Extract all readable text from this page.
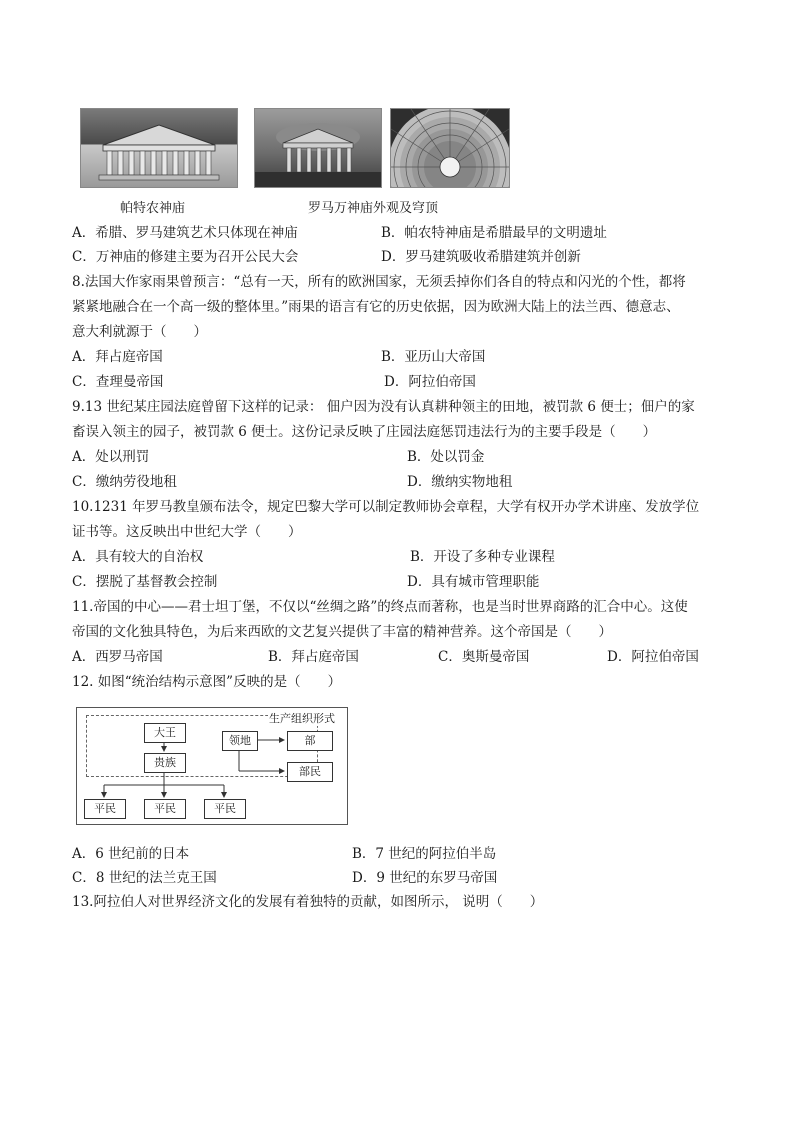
帕特农神庙	罗马万神庙外观及穹顶
A．希腊、罗马建筑艺术只体现在神庙	B．帕农特神庙是希腊最早的文明遗址
C．万神庙的修建主要为召开公民大会	D．罗马建筑吸收希腊建筑并创新
8.法国大作家雨果曾预言：“总有一天，所有的欧洲国家，无须丢掉你们各自的特点和闪光的个性，都将
紧紧地融合在一个高一级的整体里。”雨果的语言有它的历史依据，因为欧洲大陆上的法兰西、德意志、
意大利就源于（　　）
A．拜占庭帝国	B．亚历山大帝国
C．查理曼帝国	D．阿拉伯帝国
9.13 世纪某庄园法庭曾留下这样的记录： 佃户因为没有认真耕种领主的田地，被罚款 6 便士；佃户的家
畜误入领主的园子，被罚款 6 便士。这份记录反映了庄园法庭惩罚违法行为的主要手段是（　　）
A．处以刑罚	B．处以罚金
C．缴纳劳役地租	D．缴纳实物地租
10.1231 年罗马教皇颁布法令，规定巴黎大学可以制定教师协会章程，大学有权开办学术讲座、发放学位
证书等。这反映出中世纪大学（　　）
A．具有较大的自治权	B．开设了多种专业课程
C．摆脱了基督教会控制	D．具有城市管理职能
11.帝国的中心——君士坦丁堡，不仅以“丝绸之路”的终点而著称，也是当时世界商路的汇合中心。这使
帝国的文化独具特色，为后来西欧的文艺复兴提供了丰富的精神营养。这个帝国是（　　）
A．西罗马帝国	B．拜占庭帝国	C．奥斯曼帝国	D．阿拉伯帝国
12. 如图“统治结构示意图”反映的是（　　）
生产组织形式
大王
贵族
领地	部
部民
平民	平民	平民
A．6 世纪前的日本	B．7 世纪的阿拉伯半岛
C．8 世纪的法兰克王国	D．9 世纪的东罗马帝国
13.阿拉伯人对世界经济文化的发展有着独特的贡献，如图所示， 说明（　　）
